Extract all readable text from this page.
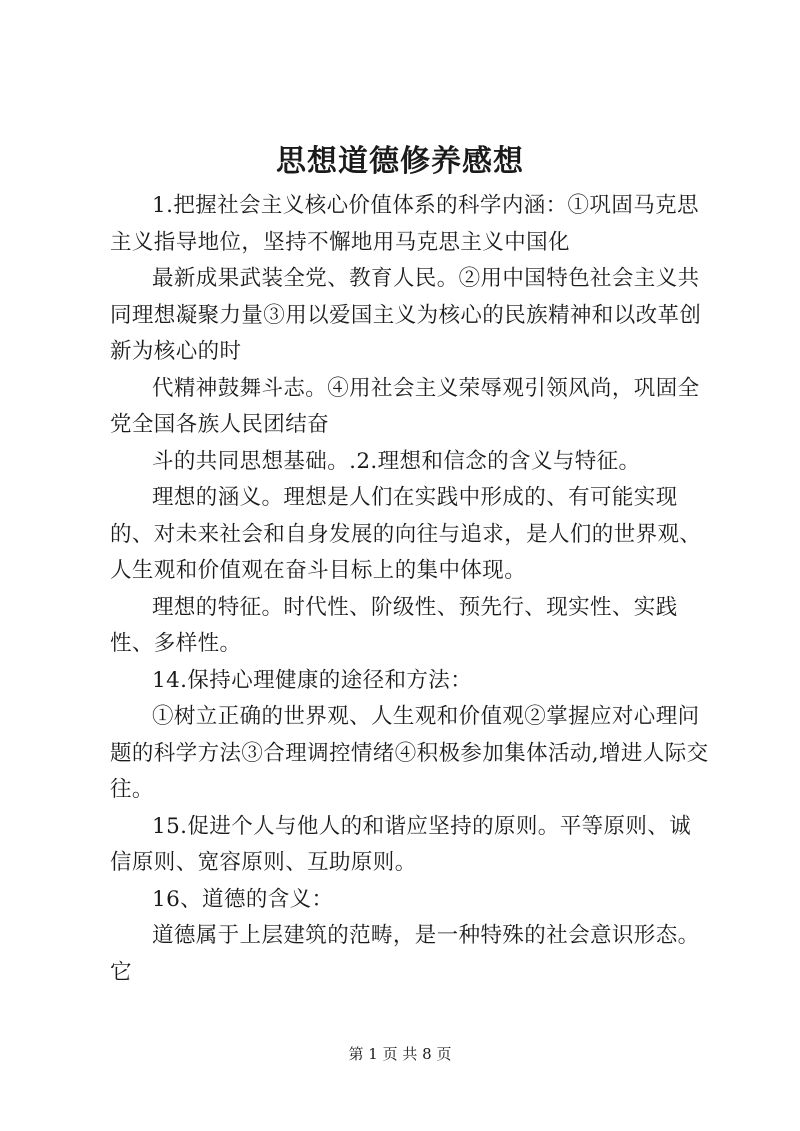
思想道德修养感想

1.把握社会主义核心价值体系的科学内涵：①巩固马克思主义指导地位，坚持不懈地用马克思主义中国化

最新成果武装全党、教育人民。②用中国特色社会主义共同理想凝聚力量③用以爱国主义为核心的民族精神和以改革创新为核心的时

代精神鼓舞斗志。④用社会主义荣辱观引领风尚，巩固全党全国各族人民团结奋

斗的共同思想基础。.2.理想和信念的含义与特征。

理想的涵义。理想是人们在实践中形成的、有可能实现的、对未来社会和自身发展的向往与追求，是人们的世界观、人生观和价值观在奋斗目标上的集中体现。

理想的特征。时代性、阶级性、预先行、现实性、实践性、多样性。

14.保持心理健康的途径和方法：

①树立正确的世界观、人生观和价值观②掌握应对心理问题的科学方法③合理调控情绪④积极参加集体活动,增进人际交往。

15.促进个人与他人的和谐应坚持的原则。平等原则、诚信原则、宽容原则、互助原则。

16、道德的含义：

道德属于上层建筑的范畴，是一种特殊的社会意识形态。它

第 1 页 共 8 页
